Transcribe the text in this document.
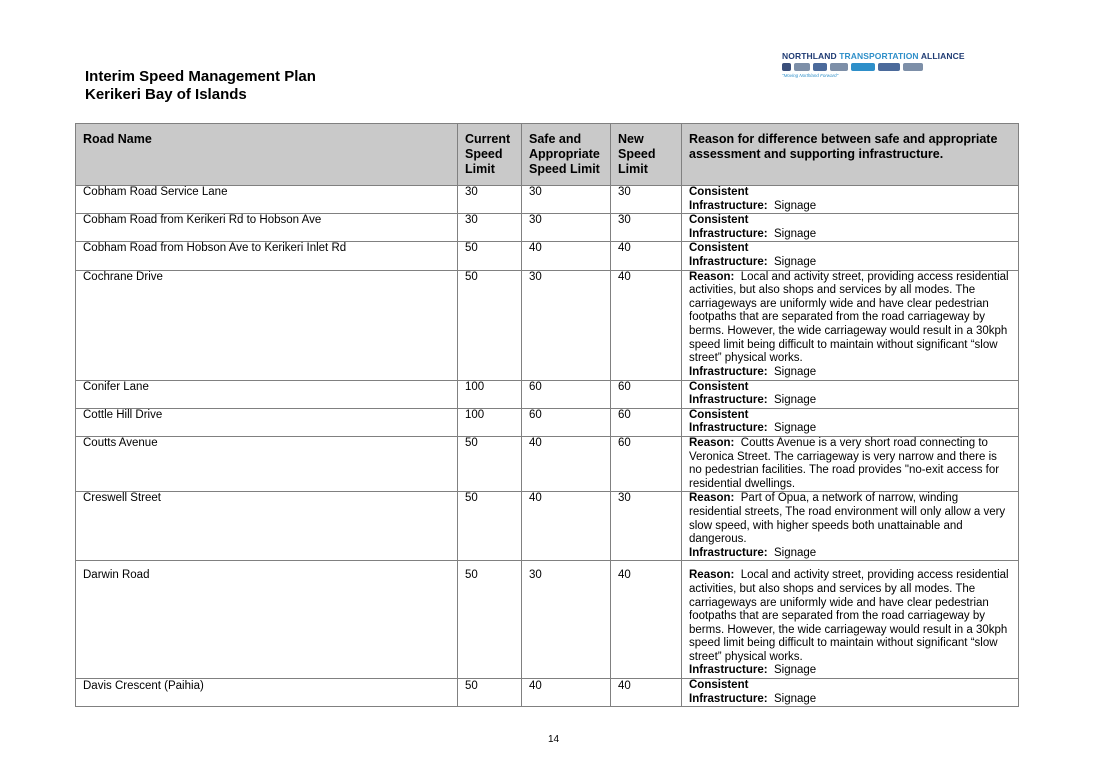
Interim Speed Management Plan
Kerikeri Bay of Islands
NORTHLAND TRANSPORTATION ALLIANCE
"Moving Northland Forward"
Road Name	Current Speed Limit	Safe and Appropriate Speed Limit	New Speed Limit	Reason for difference between safe and appropriate assessment and supporting infrastructure.
Cobham Road Service Lane	30	30	30	Consistent
Infrastructure: Signage

Cobham Road from Kerikeri Rd to Hobson Ave	30	30	30	Consistent
Infrastructure: Signage

Cobham Road from Hobson Ave to Kerikeri Inlet Rd	50	40	40	Consistent
Infrastructure: Signage

Cochrane Drive	50	30	40	Reason: Local and activity street, providing access residential activities, but also shops and services by all modes. The carriageways are uniformly wide and have clear pedestrian footpaths that are separated from the road carriageway by berms. However, the wide carriageway would result in a 30kph speed limit being difficult to maintain without significant “slow street” physical works.
Infrastructure: Signage

Conifer Lane	100	60	60	Consistent
Infrastructure: Signage

Cottle Hill Drive	100	60	60	Consistent
Infrastructure: Signage

Coutts Avenue	50	40	60	Reason: Coutts Avenue is a very short road connecting to Veronica Street. The carriageway is very narrow and there is no pedestrian facilities. The road provides "no-exit access for residential dwellings.

Creswell Street	50	40	30	Reason: Part of Opua, a network of narrow, winding residential streets, The road environment will only allow a very slow speed, with higher speeds both unattainable and dangerous.
Infrastructure: Signage

Darwin Road	50	30	40	Reason: Local and activity street, providing access residential activities, but also shops and services by all modes. The carriageways are uniformly wide and have clear pedestrian footpaths that are separated from the road carriageway by berms. However, the wide carriageway would result in a 30kph speed limit being difficult to maintain without significant “slow street” physical works.
Infrastructure: Signage

Davis Crescent (Paihia)	50	40	40	Consistent
Infrastructure: Signage
14
